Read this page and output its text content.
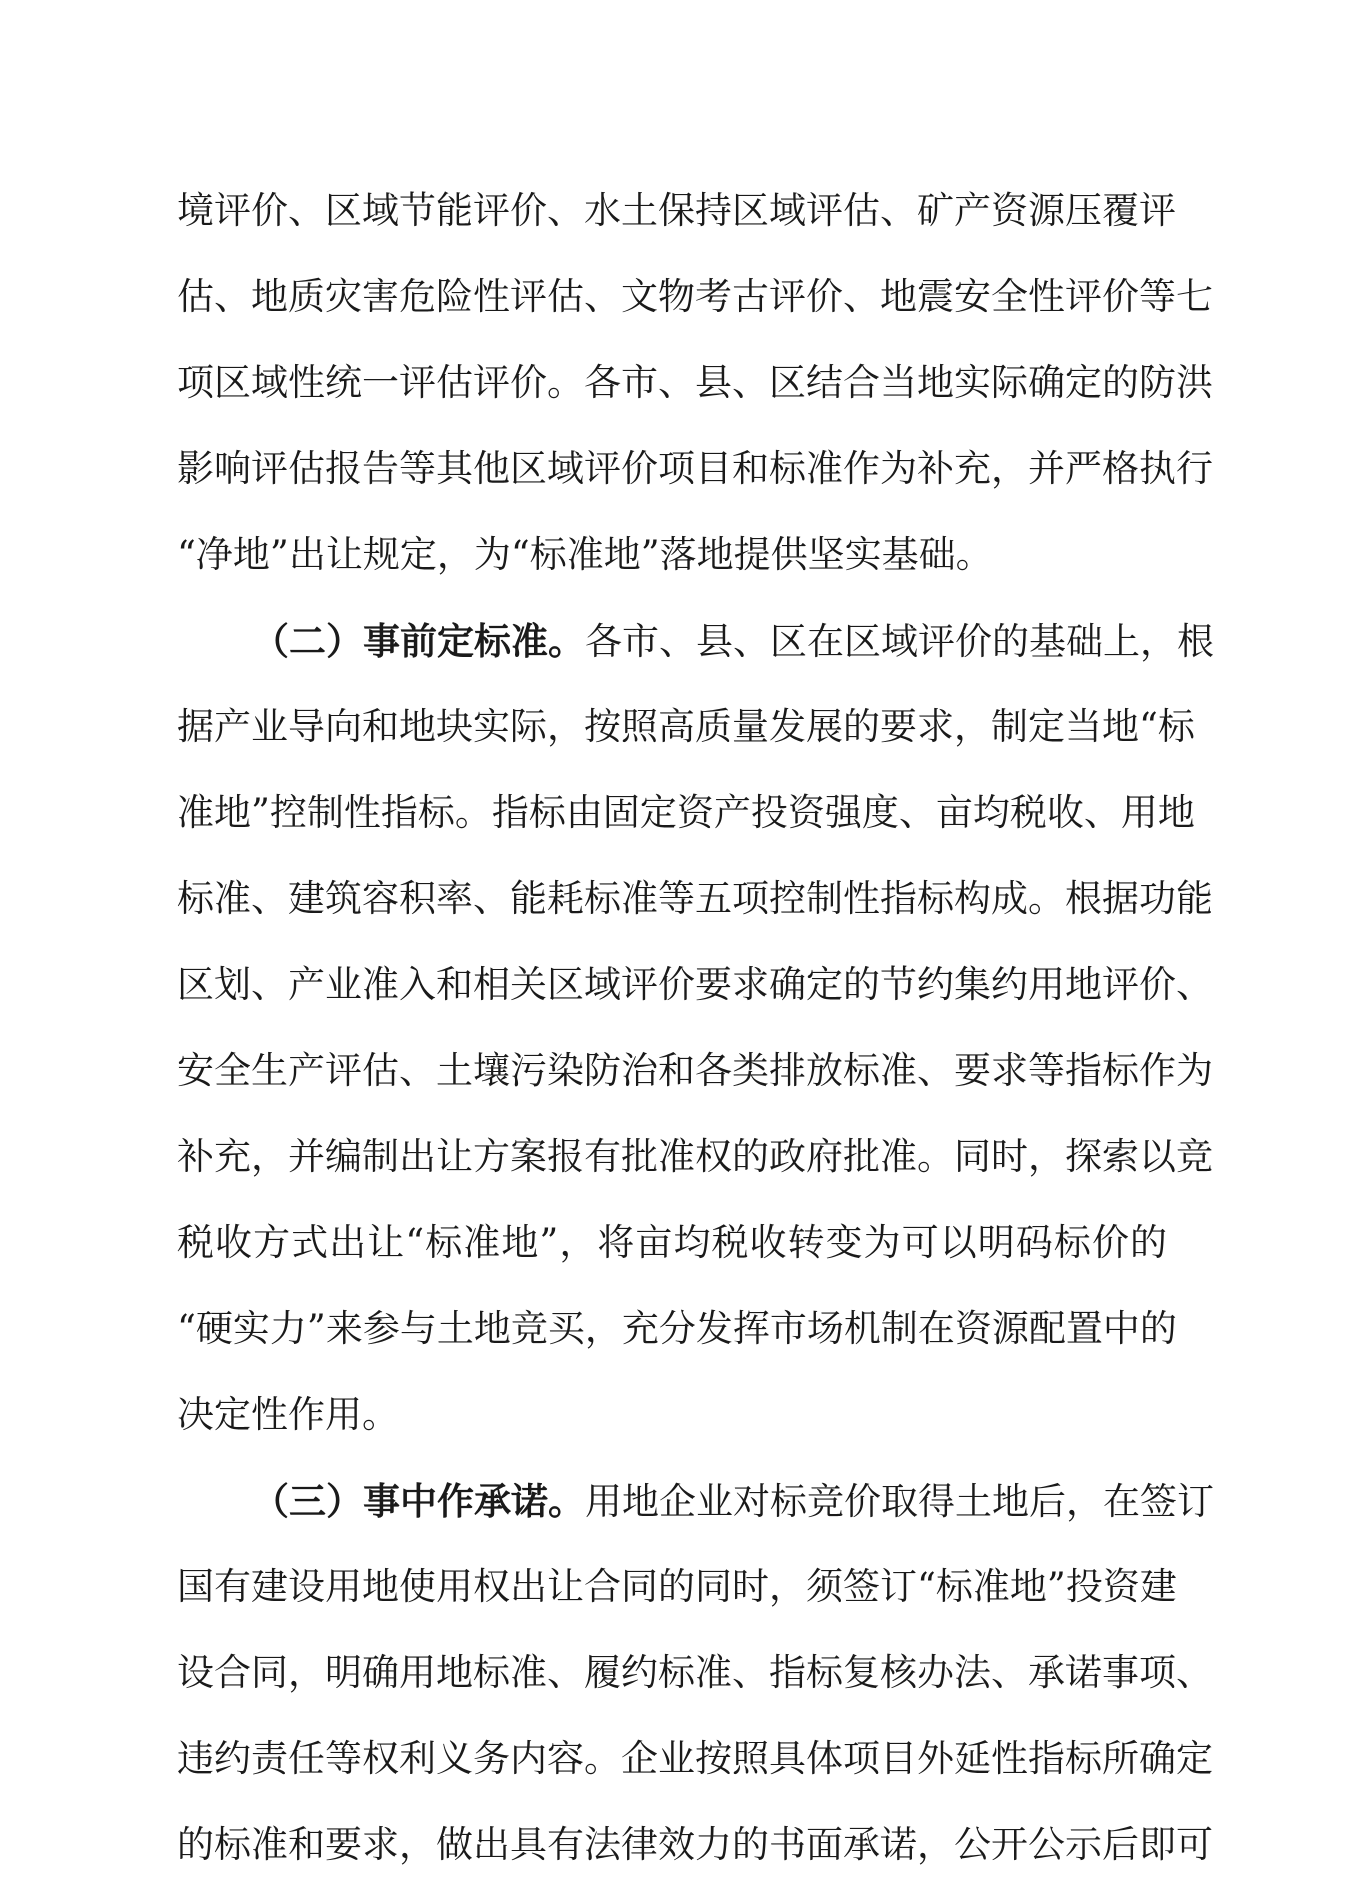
境评价、区域节能评价、水土保持区域评估、矿产资源压覆评
估、地质灾害危险性评估、文物考古评价、地震安全性评价等七
项区域性统一评估评价。各市、县、区结合当地实际确定的防洪
影响评估报告等其他区域评价项目和标准作为补充，并严格执行
“净地”出让规定，为“标准地”落地提供坚实基础。
（二）事前定标准。各市、县、区在区域评价的基础上，根
据产业导向和地块实际，按照高质量发展的要求，制定当地“标
准地”控制性指标。指标由固定资产投资强度、亩均税收、用地
标准、建筑容积率、能耗标准等五项控制性指标构成。根据功能
区划、产业准入和相关区域评价要求确定的节约集约用地评价、
安全生产评估、土壤污染防治和各类排放标准、要求等指标作为
补充，并编制出让方案报有批准权的政府批准。同时，探索以竞
税收方式出让“标准地”，将亩均税收转变为可以明码标价的
“硬实力”来参与土地竞买，充分发挥市场机制在资源配置中的
决定性作用。
（三）事中作承诺。用地企业对标竞价取得土地后，在签订
国有建设用地使用权出让合同的同时，须签订“标准地”投资建
设合同，明确用地标准、履约标准、指标复核办法、承诺事项、
违约责任等权利义务内容。企业按照具体项目外延性指标所确定
的标准和要求，做出具有法律效力的书面承诺，公开公示后即可
